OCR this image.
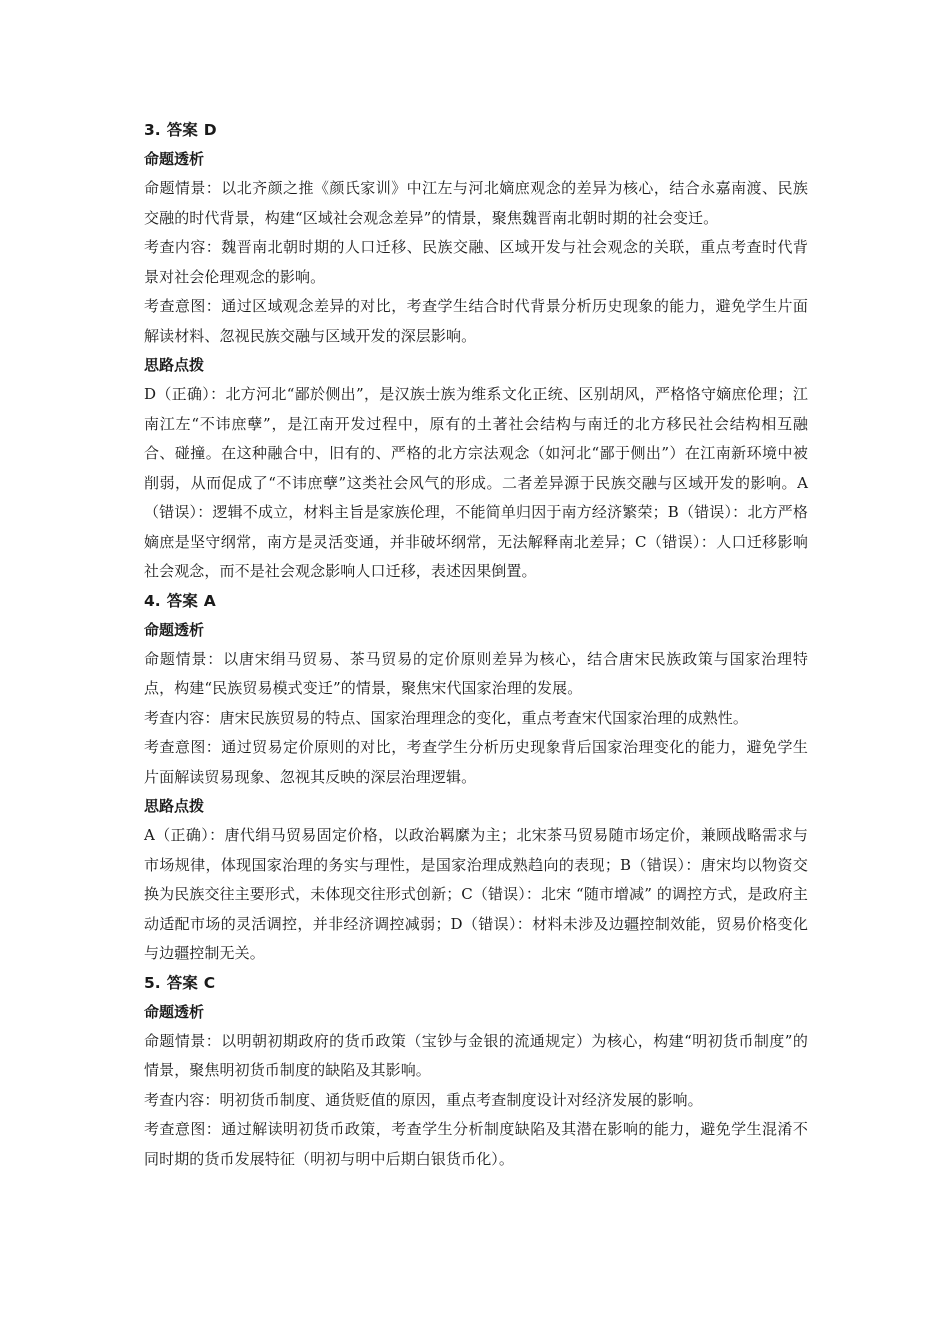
3. 答案 D
命题透析
命题情景：以北齐颜之推《颜氏家训》中江左与河北嫡庶观念的差异为核心，结合永嘉南渡、民族交融的时代背景，构建“区域社会观念差异”的情景，聚焦魏晋南北朝时期的社会变迁。
考查内容：魏晋南北朝时期的人口迁移、民族交融、区域开发与社会观念的关联，重点考查时代背景对社会伦理观念的影响。
考查意图：通过区域观念差异的对比，考查学生结合时代背景分析历史现象的能力，避免学生片面解读材料、忽视民族交融与区域开发的深层影响。
思路点拨
D（正确）：北方河北“鄙於侧出”，是汉族士族为维系文化正统、区别胡风，严格恪守嫡庶伦理；江南江左“不讳庶孽”，是江南开发过程中，原有的土著社会结构与南迁的北方移民社会结构相互融合、碰撞。在这种融合中，旧有的、严格的北方宗法观念（如河北“鄙于侧出”）在江南新环境中被削弱，从而促成了“不讳庶孽”这类社会风气的形成。二者差异源于民族交融与区域开发的影响。A（错误）：逻辑不成立，材料主旨是家族伦理，不能简单归因于南方经济繁荣；B（错误）：北方严格嫡庶是坚守纲常，南方是灵活变通，并非破坏纲常，无法解释南北差异；C（错误）：人口迁移影响社会观念，而不是社会观念影响人口迁移，表述因果倒置。
4. 答案 A
命题透析
命题情景：以唐宋绢马贸易、茶马贸易的定价原则差异为核心，结合唐宋民族政策与国家治理特点，构建“民族贸易模式变迁”的情景，聚焦宋代国家治理的发展。
考查内容：唐宋民族贸易的特点、国家治理理念的变化，重点考查宋代国家治理的成熟性。
考查意图：通过贸易定价原则的对比，考查学生分析历史现象背后国家治理变化的能力，避免学生片面解读贸易现象、忽视其反映的深层治理逻辑。
思路点拨
A（正确）：唐代绢马贸易固定价格，以政治羁縻为主；北宋茶马贸易随市场定价，兼顾战略需求与市场规律，体现国家治理的务实与理性，是国家治理成熟趋向的表现；B（错误）：唐宋均以物资交换为民族交往主要形式，未体现交往形式创新；C（错误）：北宋 “随市增减” 的调控方式，是政府主动适配市场的灵活调控，并非经济调控减弱；D（错误）：材料未涉及边疆控制效能，贸易价格变化与边疆控制无关。
5. 答案 C
命题透析
命题情景：以明朝初期政府的货币政策（宝钞与金银的流通规定）为核心，构建“明初货币制度”的情景，聚焦明初货币制度的缺陷及其影响。
考查内容：明初货币制度、通货贬值的原因，重点考查制度设计对经济发展的影响。
考查意图：通过解读明初货币政策，考查学生分析制度缺陷及其潜在影响的能力，避免学生混淆不同时期的货币发展特征（明初与明中后期白银货币化）。
